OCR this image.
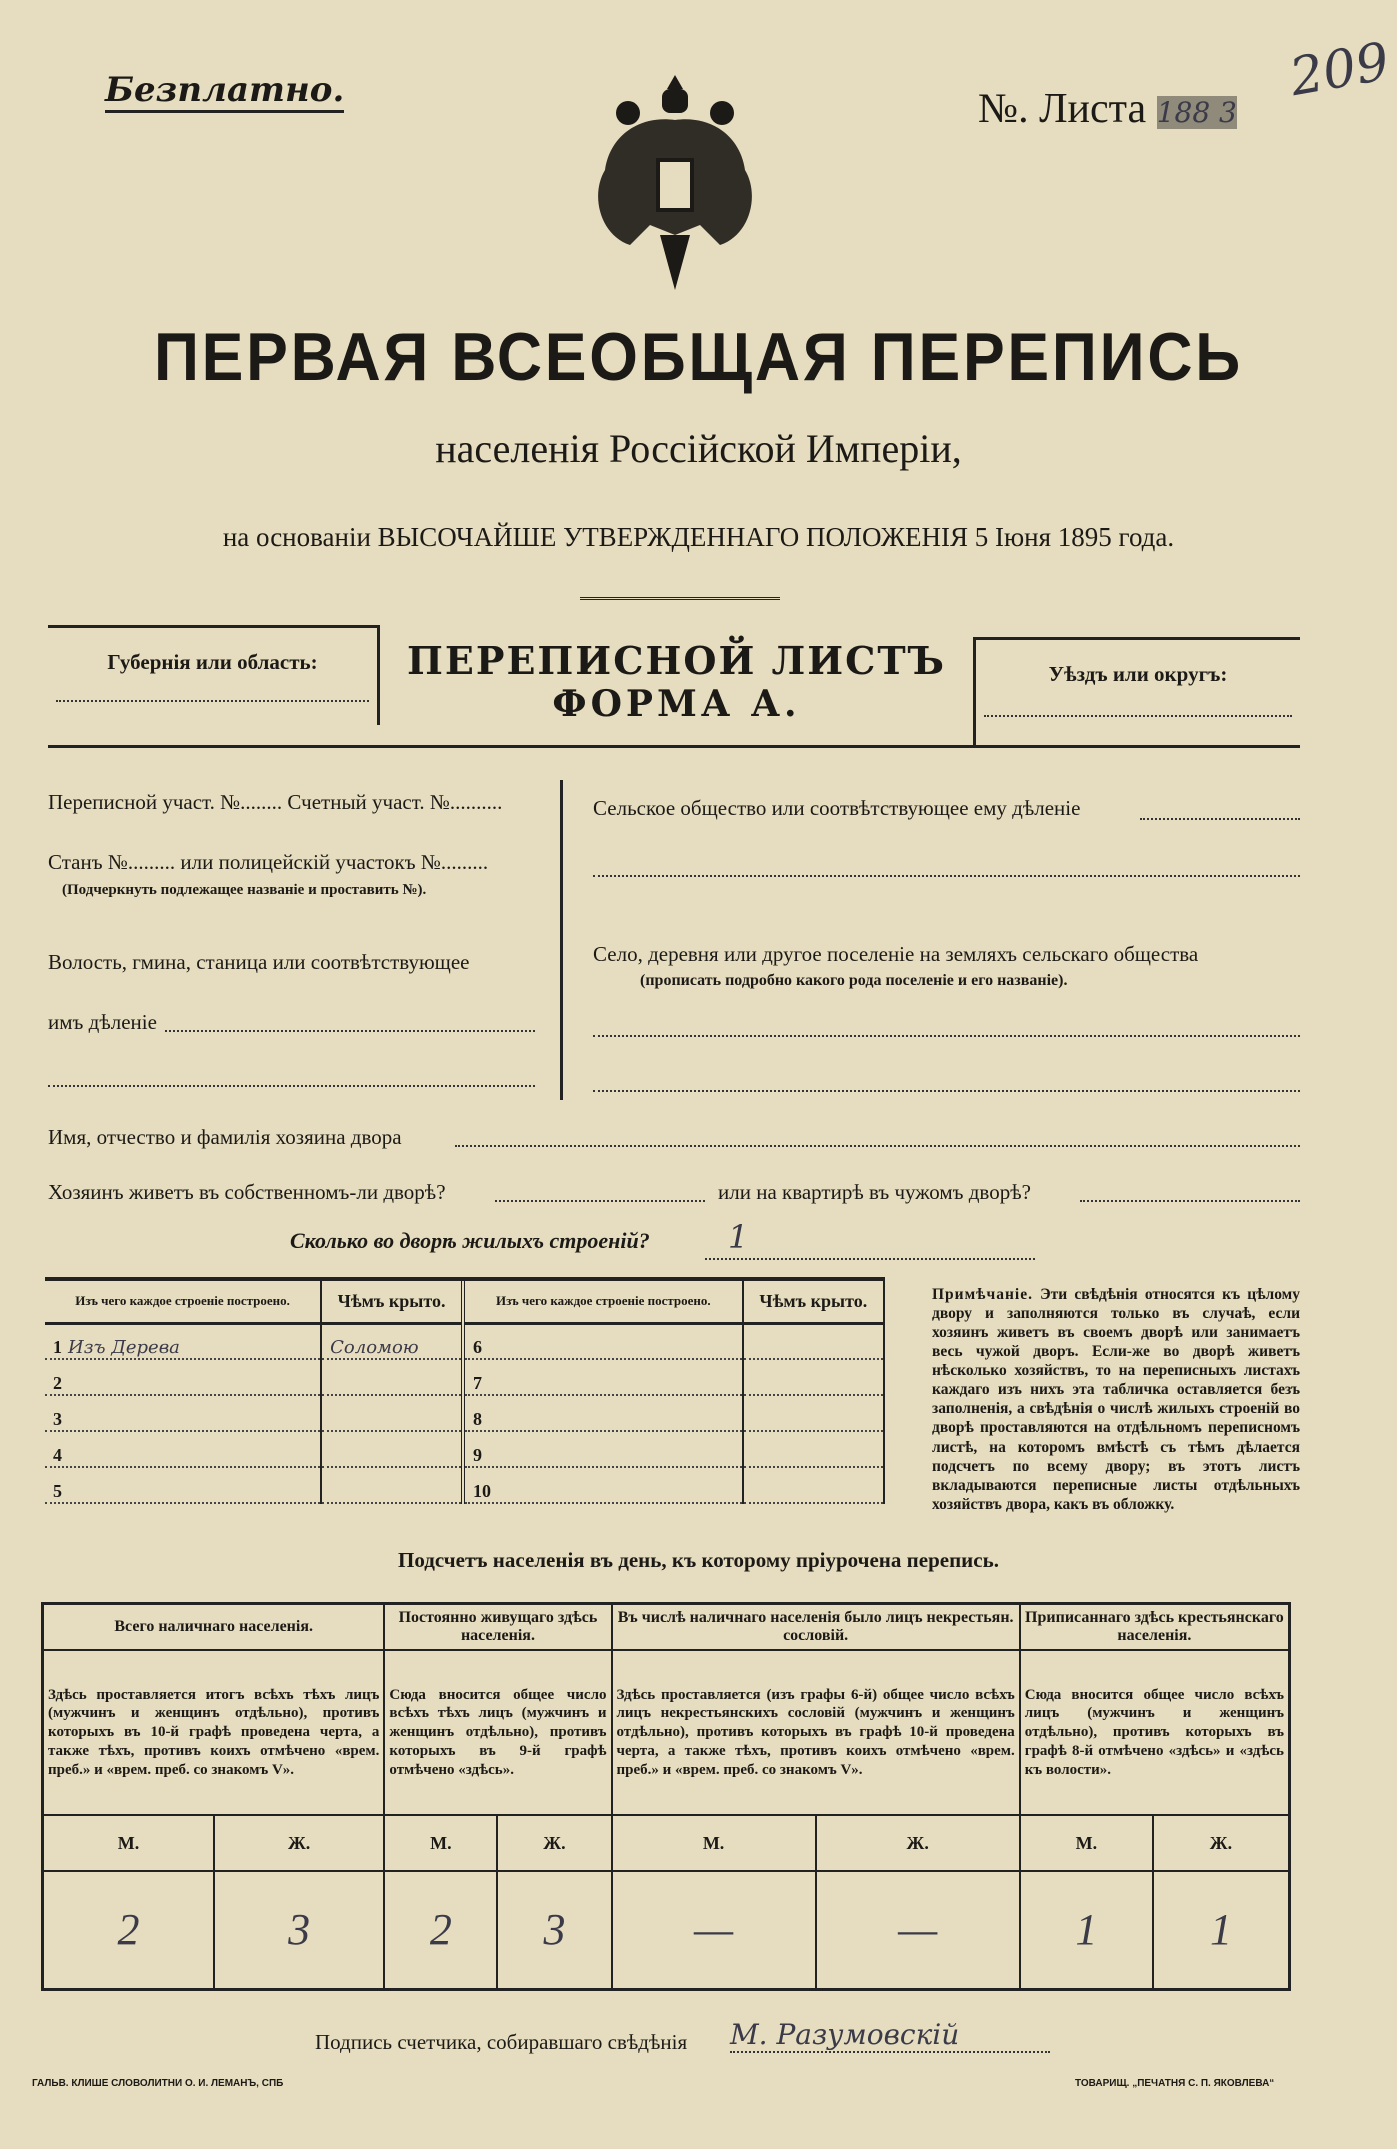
Безплатно.	№. Листа 188 3
209
ПЕРВАЯ ВСЕОБЩАЯ ПЕРЕПИСЬ
населенія Россійской Имперіи,
на основаніи ВЫСОЧАЙШЕ УТВЕРЖДЕННАГО ПОЛОЖЕНІЯ 5 Іюня 1895 года.
Губернія или область:	ПЕРЕПИСНОЙ ЛИСТЪ
ФОРМА А.
Уѣздъ или округъ:
Переписной участ. №........ Счетный участ. №..........
Станъ №......... или полицейскій участокъ №.........
(Подчеркнуть подлежащее названіе и проставить №).
Волость, гмина, станица или соотвѣтствующее
имъ дѣленіе
Сельское общество или соотвѣтствующее ему дѣленіе
Село, деревня или другое поселеніе на земляхъ сельскаго общества
(прописать подробно какого рода поселеніе и его названіе).
Имя, отчество и фамилія хозяина двора
Хозяинъ живетъ въ собственномъ-ли дворѣ?	или на квартирѣ въ чужомъ дворѣ?
Сколько во дворѣ жилыхъ строеній? 1
Изъ чего каждое строеніе построено.	Чѣмъ крыто.
1 Изъ Дерева	Соломою
2	
3	
4	
5	
Изъ чего каждое строеніе построено.	Чѣмъ крыто.
6	
7	
8	
9	
10	
Примѣчаніе. Эти свѣдѣнія относятся къ цѣлому двору и заполняются только въ случаѣ, если хозяинъ живетъ въ своемъ дворѣ или занимаетъ весь чужой дворъ. Если-же во дворѣ живетъ нѣсколько хозяйствъ, то на переписныхъ листахъ каждаго изъ нихъ эта табличка оставляется безъ заполненія, а свѣдѣнія о числѣ жилыхъ строеній во дворѣ проставляются на отдѣльномъ переписномъ листѣ, на которомъ вмѣстѣ съ тѣмъ дѣлается подсчетъ по всему двору; въ этотъ листъ вкладываются переписные листы отдѣльныхъ хозяйствъ двора, какъ въ обложку.
Подсчетъ населенія въ день, къ которому пріурочена перепись.
Всего наличнаго населенія.		Постоянно живущаго здѣсь населенія.		Въ числѣ наличнаго населенія было лицъ некрестьян. сословій.		Приписаннаго здѣсь крестьянскаго населенія.	
Здѣсь проставляется итогъ всѣхъ тѣхъ лицъ (мужчинъ и женщинъ отдѣльно), противъ которыхъ въ 10-й графѣ проведена черта, а также тѣхъ, противъ коихъ отмѣчено «врем. преб.» и «врем. преб. со знакомъ V».		Сюда вносится общее число всѣхъ тѣхъ лицъ (мужчинъ и женщинъ отдѣльно), противъ которыхъ въ 9-й графѣ отмѣчено «здѣсь».		Здѣсь проставляется (изъ графы 6-й) общее число всѣхъ лицъ некрестьянскихъ сословій (мужчинъ и женщинъ отдѣльно), противъ которыхъ въ графѣ 10-й проведена черта, а также тѣхъ, противъ коихъ отмѣчено «врем. преб.» и «врем. преб. со знакомъ V».		Сюда вносится общее число всѣхъ лицъ (мужчинъ и женщинъ отдѣльно), противъ которыхъ въ графѣ 8-й отмѣчено «здѣсь» и «здѣсь къ волости».	
М.	Ж.	М.	Ж.	М.	Ж.	М.	Ж.
2	3	2	3	—	—	1	1
Подпись счетчика, собиравшаго свѣдѣнія М. Разумовскій
ГАЛЬВ. КЛИШЕ СЛОВОЛИТНИ О. И. ЛЕМАНЪ, СПБ	ТОВАРИЩ. „ПЕЧАТНЯ С. П. ЯКОВЛЕВА“
